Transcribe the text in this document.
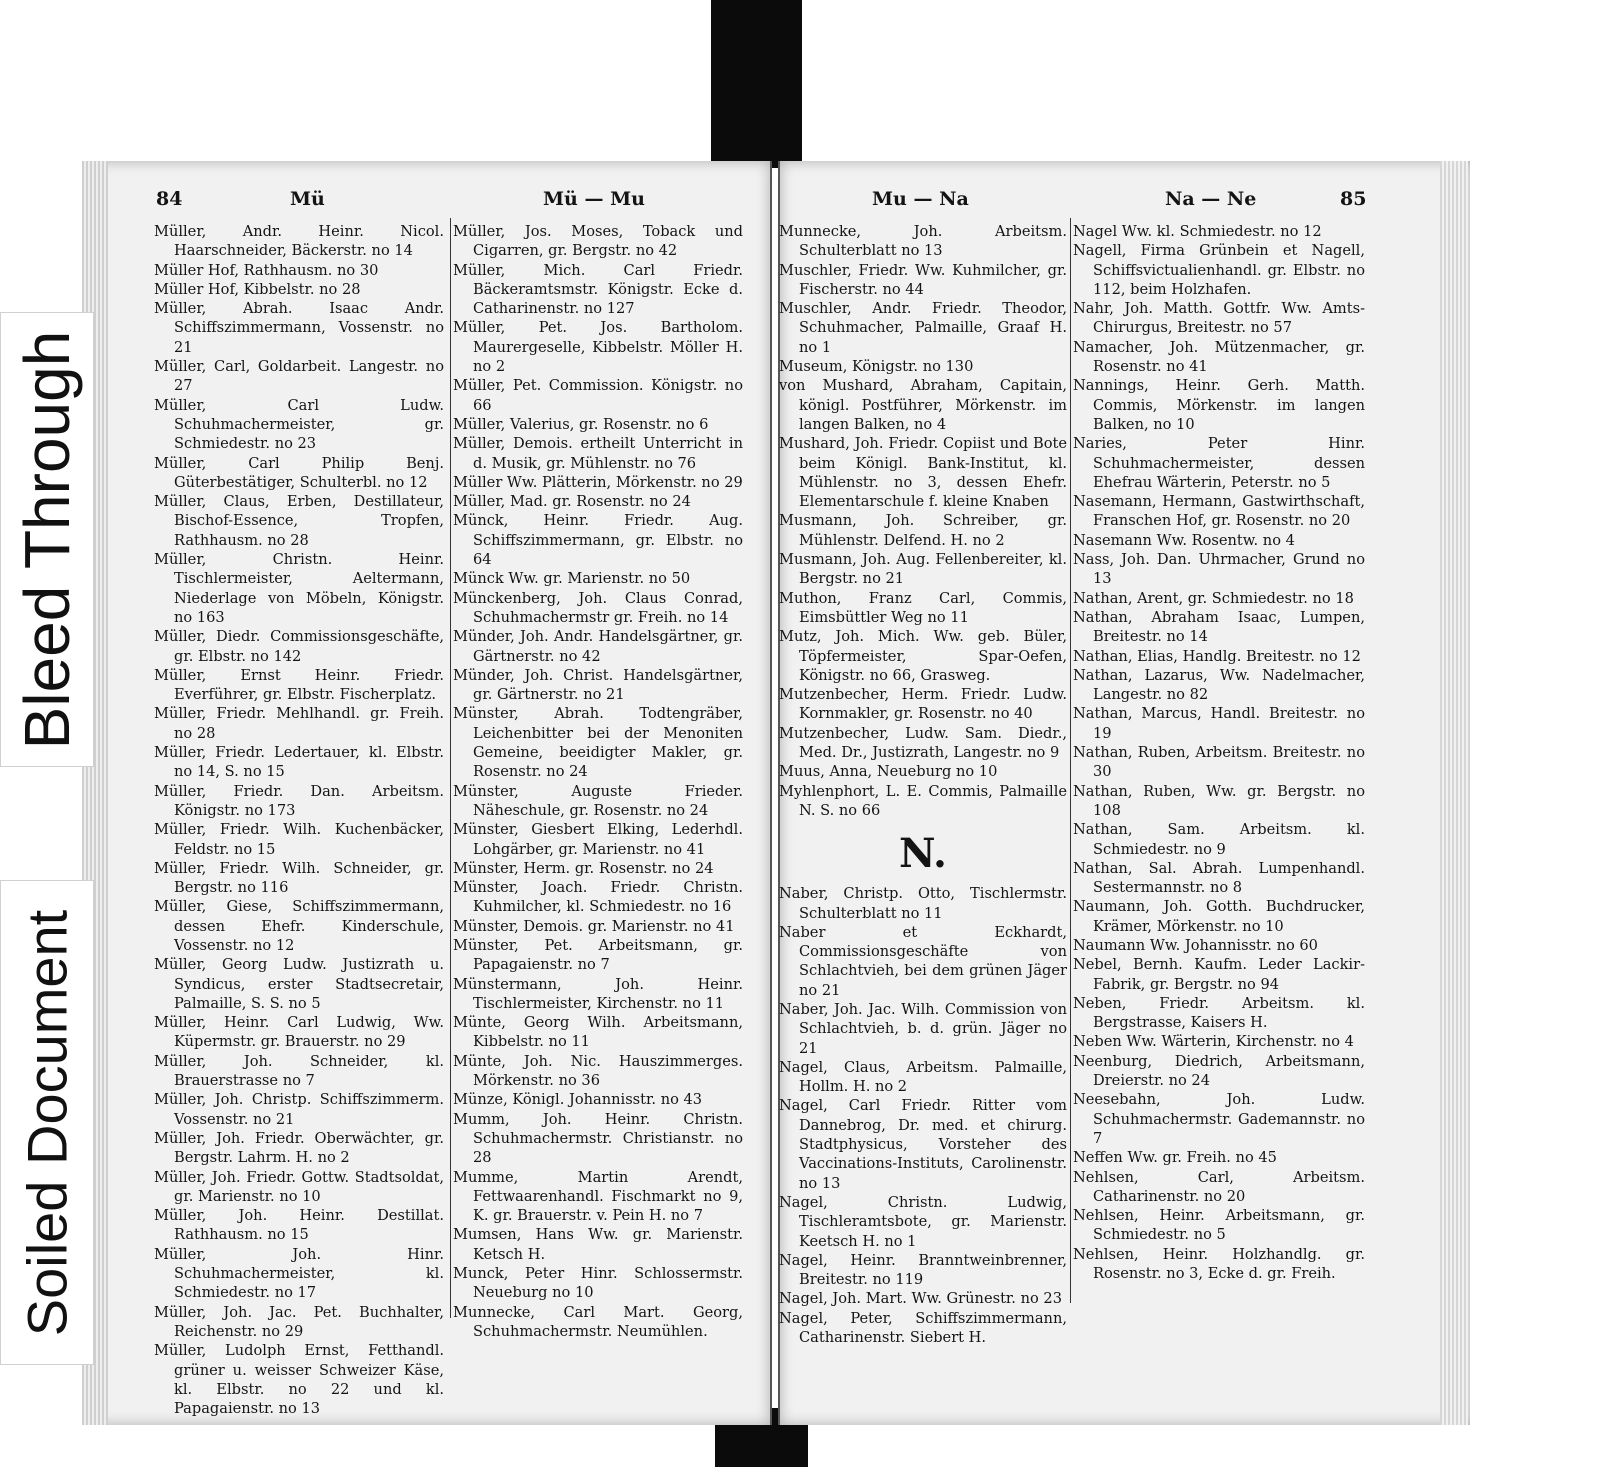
Bleed Through
Soiled Document
84	Mü	Mü — Mu	Mu — Na	Na — Ne	85

Müller, Andr. Heinr. Nicol. Haarschneider, Bäckerstr. no 14

Müller Hof, Rathhausm. no 30

Müller Hof, Kibbelstr. no 28

Müller, Abrah. Isaac Andr. Schiffszimmermann, Vossenstr. no 21

Müller, Carl, Goldarbeit. Langestr. no 27

Müller, Carl Ludw. Schuhmachermeister, gr. Schmiedestr. no 23

Müller, Carl Philip Benj. Güterbestätiger, Schulterbl. no 12

Müller, Claus, Erben, Destillateur, Bischof-Essence, Tropfen, Rathhausm. no 28

Müller, Christn. Heinr. Tischlermeister, Aeltermann, Niederlage von Möbeln, Königstr. no 163

Müller, Diedr. Commissionsgeschäfte, gr. Elbstr. no 142

Müller, Ernst Heinr. Friedr. Everführer, gr. Elbstr. Fischerplatz.

Müller, Friedr. Mehlhandl. gr. Freih. no 28

Müller, Friedr. Ledertauer, kl. Elbstr. no 14, S. no 15

Müller, Friedr. Dan. Arbeitsm. Königstr. no 173

Müller, Friedr. Wilh. Kuchenbäcker, Feldstr. no 15

Müller, Friedr. Wilh. Schneider, gr. Bergstr. no 116

Müller, Giese, Schiffszimmermann, dessen Ehefr. Kinderschule, Vossenstr. no 12

Müller, Georg Ludw. Justizrath u. Syndicus, erster Stadtsecretair, Palmaille, S. S. no 5

Müller, Heinr. Carl Ludwig, Ww. Küpermstr. gr. Brauerstr. no 29

Müller, Joh. Schneider, kl. Brauerstrasse no 7

Müller, Joh. Christp. Schiffszimmerm. Vossenstr. no 21

Müller, Joh. Friedr. Oberwächter, gr. Bergstr. Lahrm. H. no 2

Müller, Joh. Friedr. Gottw. Stadtsoldat, gr. Marienstr. no 10

Müller, Joh. Heinr. Destillat. Rathhausm. no 15

Müller, Joh. Hinr. Schuhmachermeister, kl. Schmiedestr. no 17

Müller, Joh. Jac. Pet. Buchhalter, Reichenstr. no 29

Müller, Ludolph Ernst, Fetthandl. grüner u. weisser Schweizer Käse, kl. Elbstr. no 22 und kl. Papagaienstr. no 13

Müller, Jos. Moses, Toback und Cigarren, gr. Bergstr. no 42

Müller, Mich. Carl Friedr. Bäckeramtsmstr. Königstr. Ecke d. Catharinenstr. no 127

Müller, Pet. Jos. Bartholom. Maurergeselle, Kibbelstr. Möller H. no 2

Müller, Pet. Commission. Königstr. no 66

Müller, Valerius, gr. Rosenstr. no 6

Müller, Demois. ertheilt Unterricht in d. Musik, gr. Mühlenstr. no 76

Müller Ww. Plätterin, Mörkenstr. no 29

Müller, Mad. gr. Rosenstr. no 24

Münck, Heinr. Friedr. Aug. Schiffszimmermann, gr. Elbstr. no 64

Münck Ww. gr. Marienstr. no 50

Münckenberg, Joh. Claus Conrad, Schuhmachermstr gr. Freih. no 14

Münder, Joh. Andr. Handelsgärtner, gr. Gärtnerstr. no 42

Münder, Joh. Christ. Handelsgärtner, gr. Gärtnerstr. no 21

Münster, Abrah. Todtengräber, Leichenbitter bei der Menoniten Gemeine, beeidigter Makler, gr. Rosenstr. no 24

Münster, Auguste Frieder. Näheschule, gr. Rosenstr. no 24

Münster, Giesbert Elking, Lederhdl. Lohgärber, gr. Marienstr. no 41

Münster, Herm. gr. Rosenstr. no 24

Münster, Joach. Friedr. Christn. Kuhmilcher, kl. Schmiedestr. no 16

Münster, Demois. gr. Marienstr. no 41

Münster, Pet. Arbeitsmann, gr. Papagaienstr. no 7

Münstermann, Joh. Heinr. Tischlermeister, Kirchenstr. no 11

Münte, Georg Wilh. Arbeitsmann, Kibbelstr. no 11

Münte, Joh. Nic. Hauszimmerges. Mörkenstr. no 36

Münze, Königl. Johannisstr. no 43

Mumm, Joh. Heinr. Christn. Schuhmachermstr. Christianstr. no 28

Mumme, Martin Arendt, Fettwaarenhandl. Fischmarkt no 9, K. gr. Brauerstr. v. Pein H. no 7

Mumsen, Hans Ww. gr. Marienstr. Ketsch H.

Munck, Peter Hinr. Schlossermstr. Neueburg no 10

Munnecke, Carl Mart. Georg, Schuhmachermstr. Neumühlen.

Munnecke, Joh. Arbeitsm. Schulterblatt no 13

Muschler, Friedr. Ww. Kuhmilcher, gr. Fischerstr. no 44

Muschler, Andr. Friedr. Theodor, Schuhmacher, Palmaille, Graaf H. no 1

Museum, Königstr. no 130

von Mushard, Abraham, Capitain, königl. Postführer, Mörkenstr. im langen Balken, no 4

Mushard, Joh. Friedr. Copiist und Bote beim Königl. Bank-Institut, kl. Mühlenstr. no 3, dessen Ehefr. Elementarschule f. kleine Knaben

Musmann, Joh. Schreiber, gr. Mühlenstr. Delfend. H. no 2

Musmann, Joh. Aug. Fellenbereiter, kl. Bergstr. no 21

Muthon, Franz Carl, Commis, Eimsbüttler Weg no 11

Mutz, Joh. Mich. Ww. geb. Büler, Töpfermeister, Spar-Oefen, Königstr. no 66, Grasweg.

Mutzenbecher, Herm. Friedr. Ludw. Kornmakler, gr. Rosenstr. no 40

Mutzenbecher, Ludw. Sam. Diedr., Med. Dr., Justizrath, Langestr. no 9

Muus, Anna, Neueburg no 10

Myhlenphort, L. E. Commis, Palmaille N. S. no 66

N.

Naber, Christp. Otto, Tischlermstr. Schulterblatt no 11

Naber et Eckhardt, Commissionsgeschäfte von Schlachtvieh, bei dem grünen Jäger no 21

Naber, Joh. Jac. Wilh. Commission von Schlachtvieh, b. d. grün. Jäger no 21

Nagel, Claus, Arbeitsm. Palmaille, Hollm. H. no 2

Nagel, Carl Friedr. Ritter vom Dannebrog, Dr. med. et chirurg. Stadtphysicus, Vorsteher des Vaccinations-Instituts, Carolinenstr. no 13

Nagel, Christn. Ludwig, Tischleramtsbote, gr. Marienstr. Keetsch H. no 1

Nagel, Heinr. Branntweinbrenner, Breitestr. no 119

Nagel, Joh. Mart. Ww. Grünestr. no 23

Nagel, Peter, Schiffszimmermann, Catharinenstr. Siebert H.

Nagel Ww. kl. Schmiedestr. no 12

Nagell, Firma Grünbein et Nagell, Schiffsvictualienhandl. gr. Elbstr. no 112, beim Holzhafen.

Nahr, Joh. Matth. Gottfr. Ww. Amts-Chirurgus, Breitestr. no 57

Namacher, Joh. Mützenmacher, gr. Rosenstr. no 41

Nannings, Heinr. Gerh. Matth. Commis, Mörkenstr. im langen Balken, no 10

Naries, Peter Hinr. Schuhmachermeister, dessen Ehefrau Wärterin, Peterstr. no 5

Nasemann, Hermann, Gastwirthschaft, Franschen Hof, gr. Rosenstr. no 20

Nasemann Ww. Rosentw. no 4

Nass, Joh. Dan. Uhrmacher, Grund no 13

Nathan, Arent, gr. Schmiedestr. no 18

Nathan, Abraham Isaac, Lumpen, Breitestr. no 14

Nathan, Elias, Handlg. Breitestr. no 12

Nathan, Lazarus, Ww. Nadelmacher, Langestr. no 82

Nathan, Marcus, Handl. Breitestr. no 19

Nathan, Ruben, Arbeitsm. Breitestr. no 30

Nathan, Ruben, Ww. gr. Bergstr. no 108

Nathan, Sam. Arbeitsm. kl. Schmiedestr. no 9

Nathan, Sal. Abrah. Lumpenhandl. Sestermannstr. no 8

Naumann, Joh. Gotth. Buchdrucker, Krämer, Mörkenstr. no 10

Naumann Ww. Johannisstr. no 60

Nebel, Bernh. Kaufm. Leder Lackir-Fabrik, gr. Bergstr. no 94

Neben, Friedr. Arbeitsm. kl. Bergstrasse, Kaisers H.

Neben Ww. Wärterin, Kirchenstr. no 4

Neenburg, Diedrich, Arbeitsmann, Dreierstr. no 24

Neesebahn, Joh. Ludw. Schuhmachermstr. Gademannstr. no 7

Neffen Ww. gr. Freih. no 45

Nehlsen, Carl, Arbeitsm. Catharinenstr. no 20

Nehlsen, Heinr. Arbeitsmann, gr. Schmiedestr. no 5

Nehlsen, Heinr. Holzhandlg. gr. Rosenstr. no 3, Ecke d. gr. Freih.
